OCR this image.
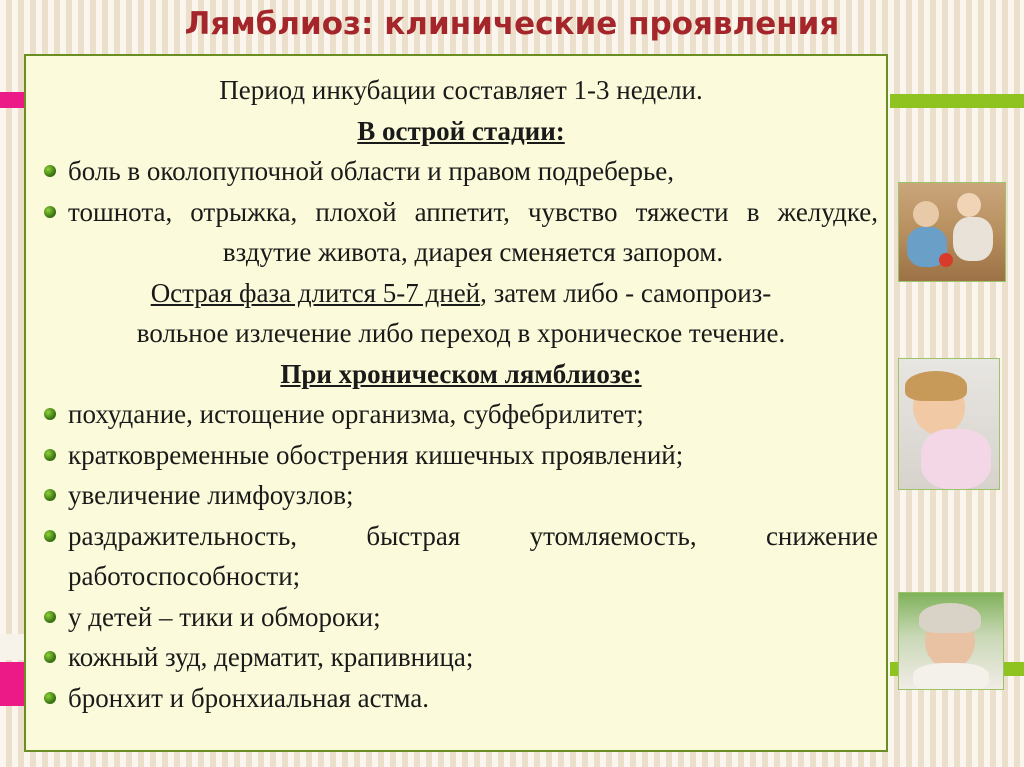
Лямблиоз: клинические проявления
Период инкубации составляет 1-3 недели.
В острой стадии:
боль в околопупочной области и правом подреберье,
тошнота, отрыжка, плохой аппетит, чувство тяжести в желудке, вздутие живота, диарея сменяется запором.
Острая фаза длится 5-7 дней, затем либо - самопроиз-
вольное излечение либо переход в хроническое течение.
При хроническом лямблиозе:
похудание, истощение организма, субфебрилитет;
кратковременные обострения кишечных проявлений;
увеличение лимфоузлов;
раздражительность, быстрая утомляемость, снижение работоспособности;
у детей – тики и обмороки;
кожный зуд, дерматит, крапивница;
бронхит и бронхиальная астма.
